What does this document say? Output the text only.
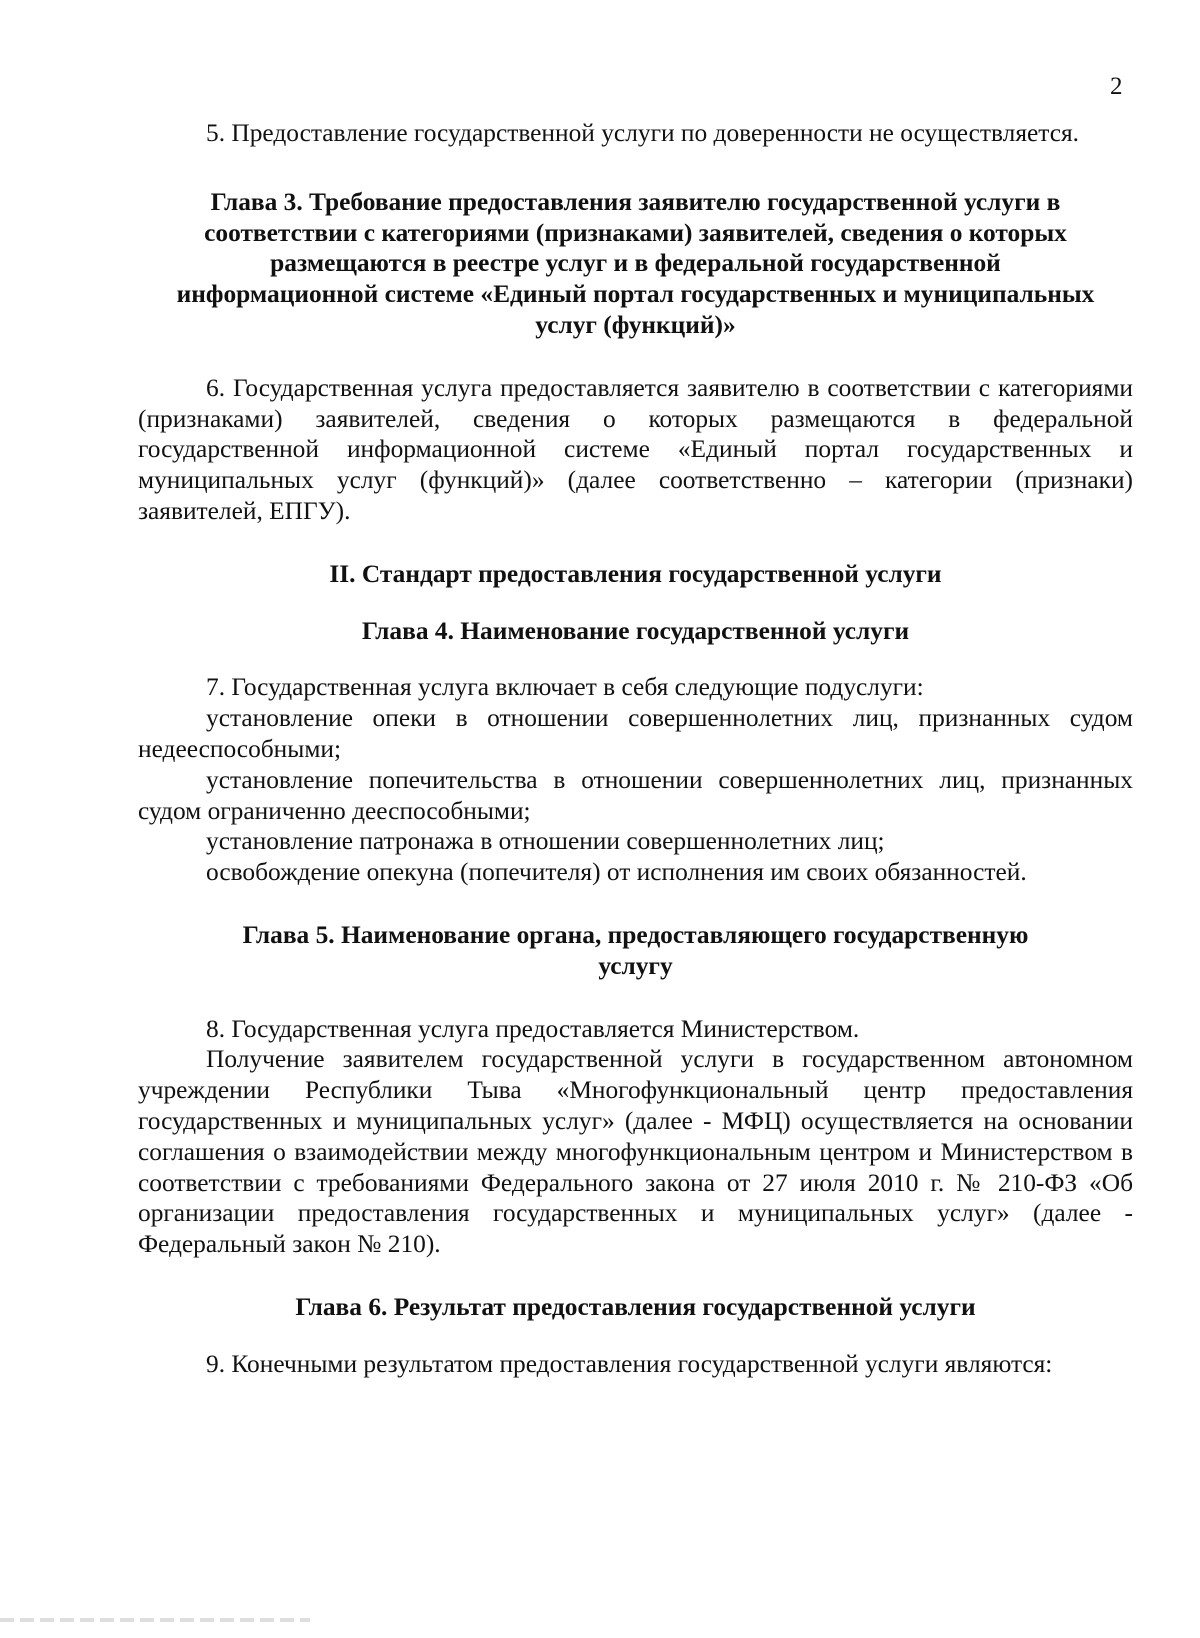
2

5. Предоставление государственной услуги по доверенности не осуществляется.

Глава 3. Требование предоставления заявителю государственной услуги в

соответствии с категориями (признаками) заявителей, сведения о которых

размещаются в реестре услуг и в федеральной государственной

информационной системе «Единый портал государственных и муниципальных

услуг (функций)»

6. Государственная услуга предоставляется заявителю в соответствии с категориями (признаками) заявителей, сведения о которых размещаются в федеральной государственной информационной системе «Единый портал государственных и муниципальных услуг (функций)» (далее соответственно – категории (признаки) заявителей, ЕПГУ).

II. Стандарт предоставления государственной услуги

Глава 4. Наименование государственной услуги

7. Государственная услуга включает в себя следующие подуслуги:

установление опеки в отношении совершеннолетних лиц, признанных судом недееспособными;

установление попечительства в отношении совершеннолетних лиц, признанных судом ограниченно дееспособными;

установление патронажа в отношении совершеннолетних лиц;

освобождение опекуна (попечителя) от исполнения им своих обязанностей.

Глава 5. Наименование органа, предоставляющего государственную

услугу

8. Государственная услуга предоставляется Министерством.

Получение заявителем государственной услуги в государственном автономном учреждении Республики Тыва «Многофункциональный центр предоставления государственных и муниципальных услуг» (далее - МФЦ) осуществляется на основании соглашения о взаимодействии между многофункциональным центром и Министерством в соответствии с требованиями Федерального закона от 27 июля 2010 г. № 210-ФЗ «Об организации предоставления государственных и муниципальных услуг» (далее - Федеральный закон № 210).

Глава 6. Результат предоставления государственной услуги

9. Конечными результатом предоставления государственной услуги являются:
